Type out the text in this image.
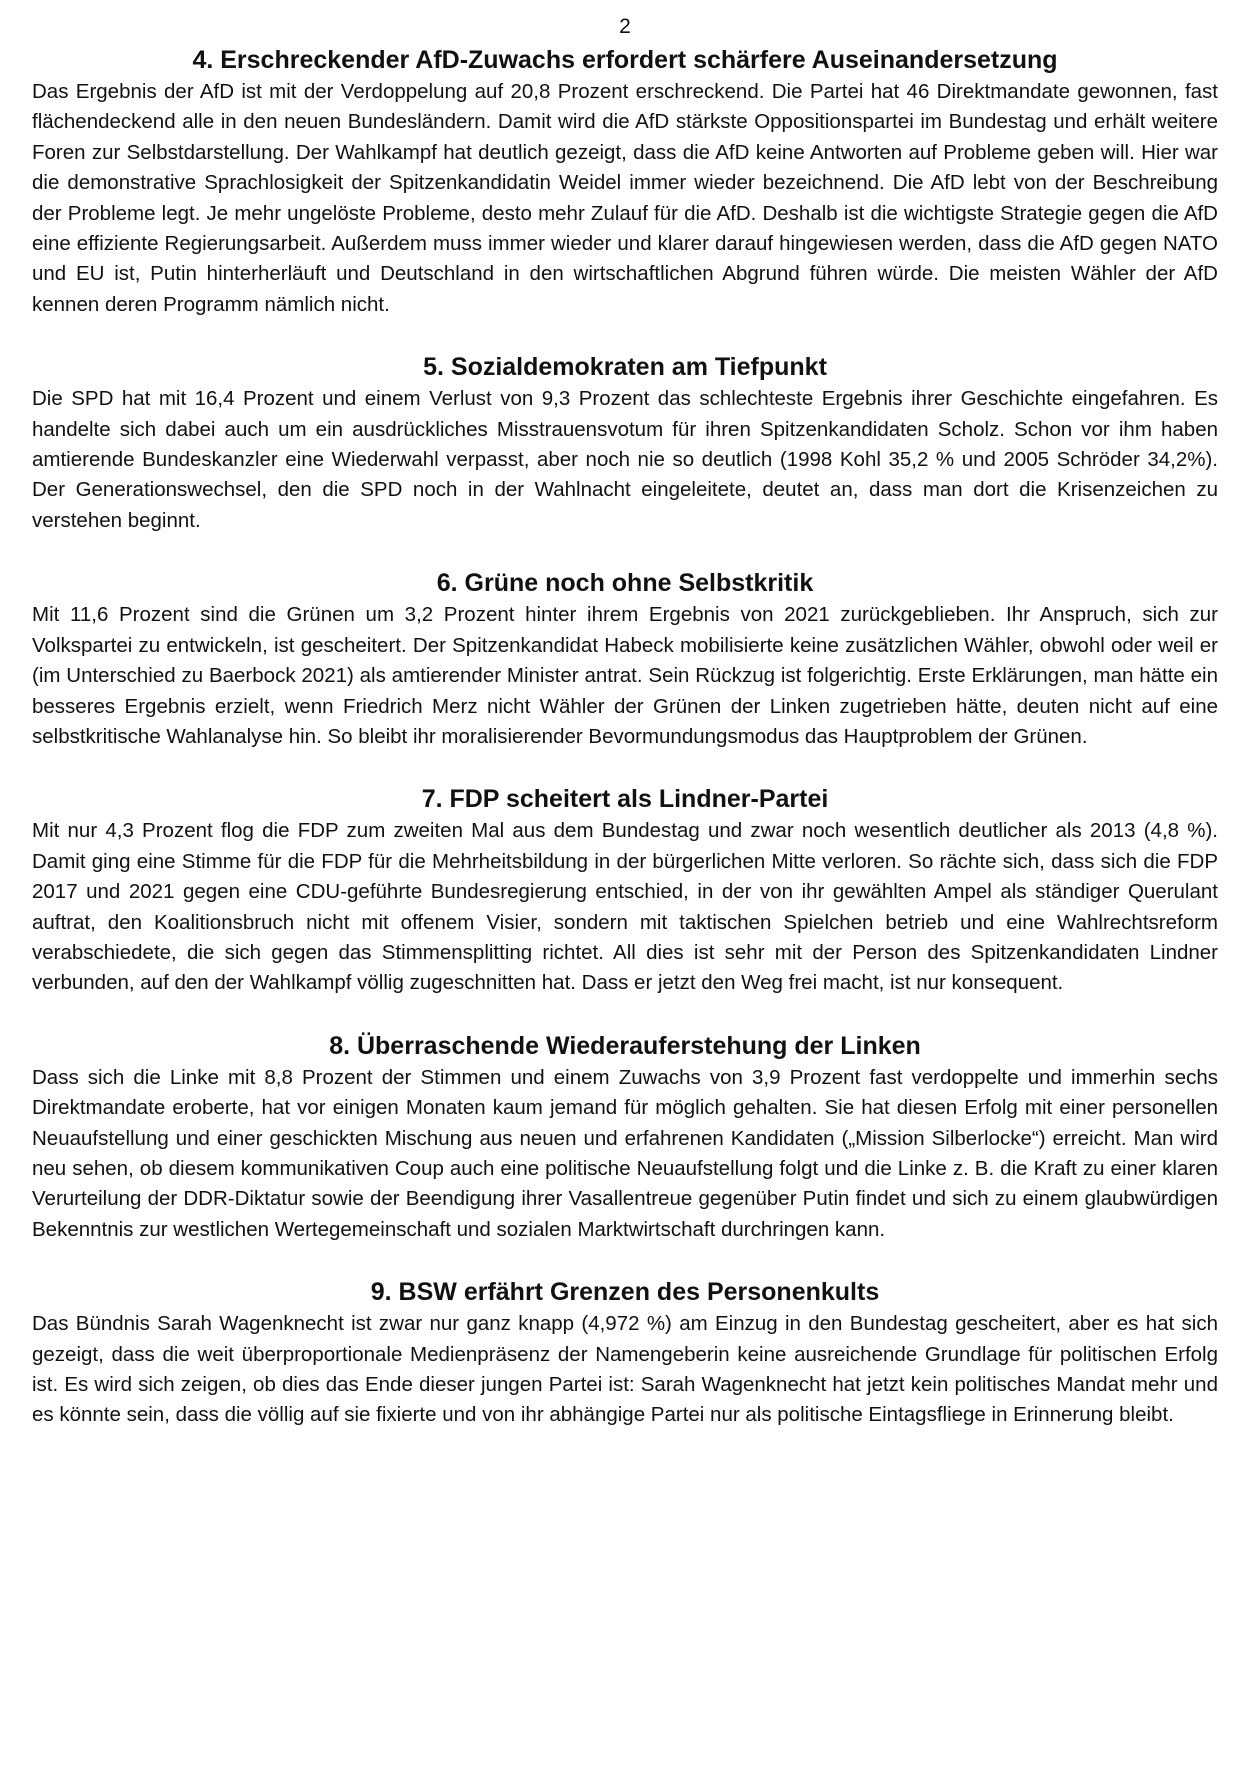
2
4. Erschreckender AfD-Zuwachs erfordert schärfere Auseinandersetzung

Das Ergebnis der AfD ist mit der Verdoppelung auf 20,8 Prozent erschreckend. Die Partei hat 46 Direktmandate gewonnen, fast flächendeckend alle in den neuen Bundesländern. Damit wird die AfD stärkste Oppositionspartei im Bundestag und erhält weitere Foren zur Selbstdarstellung. Der Wahlkampf hat deutlich gezeigt, dass die AfD keine Antworten auf Probleme geben will. Hier war die demonstrative Sprachlosigkeit der Spitzenkandidatin Weidel immer wieder bezeichnend. Die AfD lebt von der Beschreibung der Probleme legt. Je mehr ungelöste Probleme, desto mehr Zulauf für die AfD. Deshalb ist die wichtigste Strategie gegen die AfD eine effiziente Regierungsarbeit. Außerdem muss immer wieder und klarer darauf hingewiesen werden, dass die AfD gegen NATO und EU ist, Putin hinterherläuft und Deutschland in den wirtschaftlichen Abgrund führen würde. Die meisten Wähler der AfD kennen deren Programm nämlich nicht.

5. Sozialdemokraten am Tiefpunkt

Die SPD hat mit 16,4 Prozent und einem Verlust von 9,3 Prozent das schlechteste Ergebnis ihrer Geschichte eingefahren. Es handelte sich dabei auch um ein ausdrückliches Misstrauensvotum für ihren Spitzenkandidaten Scholz. Schon vor ihm haben amtierende Bundeskanzler eine Wiederwahl verpasst, aber noch nie so deutlich (1998 Kohl 35,2 % und 2005 Schröder 34,2%). Der Generationswechsel, den die SPD noch in der Wahlnacht eingeleitete, deutet an, dass man dort die Krisenzeichen zu verstehen beginnt.

6. Grüne noch ohne Selbstkritik

Mit 11,6 Prozent sind die Grünen um 3,2 Prozent hinter ihrem Ergebnis von 2021 zurückgeblieben. Ihr Anspruch, sich zur Volkspartei zu entwickeln, ist gescheitert. Der Spitzenkandidat Habeck mobilisierte keine zusätzlichen Wähler, obwohl oder weil er (im Unterschied zu Baerbock 2021) als amtierender Minister antrat. Sein Rückzug ist folgerichtig. Erste Erklärungen, man hätte ein besseres Ergebnis erzielt, wenn Friedrich Merz nicht Wähler der Grünen der Linken zugetrieben hätte, deuten nicht auf eine selbstkritische Wahlanalyse hin. So bleibt ihr moralisierender Bevormundungsmodus das Hauptproblem der Grünen.

7. FDP scheitert als Lindner-Partei

Mit nur 4,3 Prozent flog die FDP zum zweiten Mal aus dem Bundestag und zwar noch wesentlich deutlicher als 2013 (4,8 %). Damit ging eine Stimme für die FDP für die Mehrheitsbildung in der bürgerlichen Mitte verloren. So rächte sich, dass sich die FDP 2017 und 2021 gegen eine CDU-geführte Bundesregierung entschied, in der von ihr gewählten Ampel als ständiger Querulant auftrat, den Koalitionsbruch nicht mit offenem Visier, sondern mit taktischen Spielchen betrieb und eine Wahlrechtsreform verabschiedete, die sich gegen das Stimmensplitting richtet. All dies ist sehr mit der Person des Spitzenkandidaten Lindner verbunden, auf den der Wahlkampf völlig zugeschnitten hat. Dass er jetzt den Weg frei macht, ist nur konsequent.

8. Überraschende Wiederauferstehung der Linken

Dass sich die Linke mit 8,8 Prozent der Stimmen und einem Zuwachs von 3,9 Prozent fast verdoppelte und immerhin sechs Direktmandate eroberte, hat vor einigen Monaten kaum jemand für möglich gehalten. Sie hat diesen Erfolg mit einer personellen Neuaufstellung und einer geschickten Mischung aus neuen und erfahrenen Kandidaten („Mission Silberlocke“) erreicht. Man wird neu sehen, ob diesem kommunikativen Coup auch eine politische Neuaufstellung folgt und die Linke z. B. die Kraft zu einer klaren Verurteilung der DDR-Diktatur sowie der Beendigung ihrer Vasallentreue gegenüber Putin findet und sich zu einem glaubwürdigen Bekenntnis zur westlichen Wertegemeinschaft und sozialen Marktwirtschaft durchringen kann.

9. BSW erfährt Grenzen des Personenkults

Das Bündnis Sarah Wagenknecht ist zwar nur ganz knapp (4,972 %) am Einzug in den Bundestag gescheitert, aber es hat sich gezeigt, dass die weit überproportionale Medienpräsenz der Namengeberin keine ausreichende Grundlage für politischen Erfolg ist. Es wird sich zeigen, ob dies das Ende dieser jungen Partei ist: Sarah Wagenknecht hat jetzt kein politisches Mandat mehr und es könnte sein, dass die völlig auf sie fixierte und von ihr abhängige Partei nur als politische Eintagsfliege in Erinnerung bleibt.
